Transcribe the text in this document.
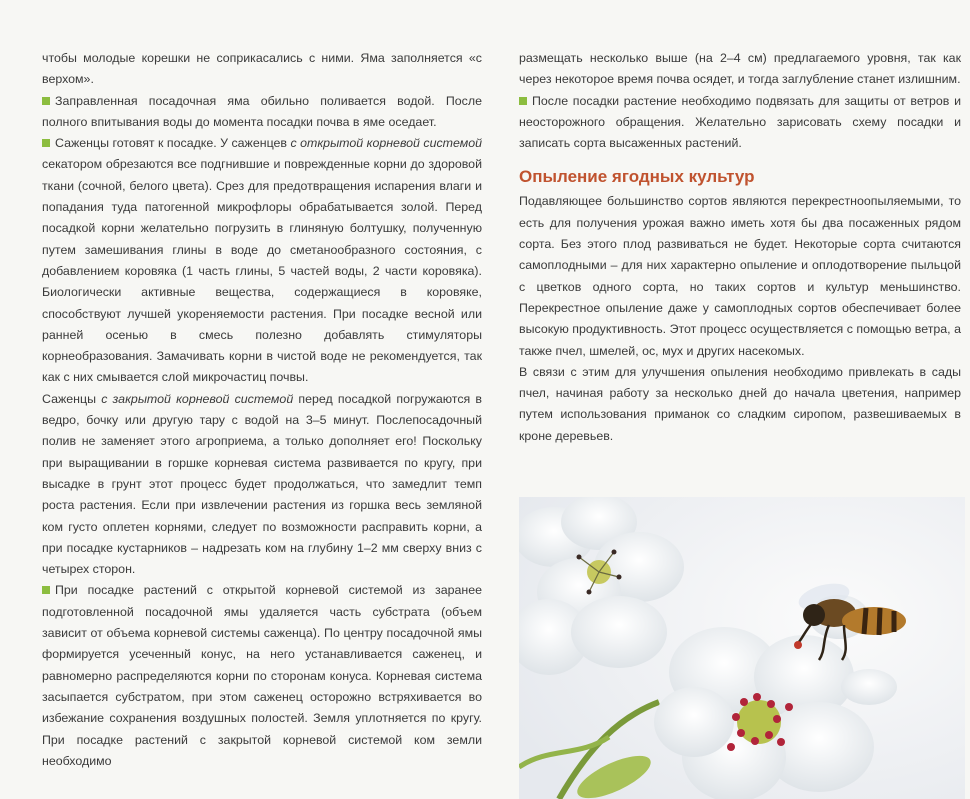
чтобы молодые корешки не соприкасались с ними. Яма заполняется «с верхом».

Заправленная посадочная яма обильно поливается водой. После полного впитывания воды до момента посадки почва в яме оседает.

Саженцы готовят к посадке. У саженцев с открытой корневой системой секатором обрезаются все подгнившие и поврежденные корни до здоровой ткани (сочной, белого цвета). Срез для предотвращения испарения влаги и попадания туда патогенной микрофлоры обрабатывается золой. Перед посадкой корни желательно погрузить в глиняную болтушку, полученную путем замешивания глины в воде до сметанообразного состояния, с добавлением коровяка (1 часть глины, 5 частей воды, 2 части коровяка). Биологически активные вещества, содержащиеся в коровяке, способствуют лучшей укореняемости растения. При посадке весной или ранней осенью в смесь полезно добавлять стимуляторы корнеобразования. Замачивать корни в чистой воде не рекомендуется, так как с них смывается слой микрочастиц почвы.

Саженцы с закрытой корневой системой перед посадкой погружаются в ведро, бочку или другую тару с водой на 3–5 минут. Послепосадочный полив не заменяет этого агроприема, а только дополняет его! Поскольку при выращивании в горшке корневая система развивается по кругу, при высадке в грунт этот процесс будет продолжаться, что замедлит темп роста растения. Если при извлечении растения из горшка весь земляной ком густо оплетен корнями, следует по возможности расправить корни, а при посадке кустарников – надрезать ком на глубину 1–2 мм сверху вниз с четырех сторон.

При посадке растений с открытой корневой системой из заранее подготовленной посадочной ямы удаляется часть субстрата (объем зависит от объема корневой системы саженца). По центру посадочной ямы формируется усеченный конус, на него устанавливается саженец, и равномерно распределяются корни по сторонам конуса. Корневая система засыпается субстратом, при этом саженец осторожно встряхивается во избежание сохранения воздушных полостей. Земля уплотняется по кругу. При посадке растений с закрытой корневой системой ком земли необходимо

размещать несколько выше (на 2–4 см) предлагаемого уровня, так как через некоторое время почва осядет, и тогда заглубление станет излишним.

После посадки растение необходимо подвязать для защиты от ветров и неосторожного обращения. Желательно зарисовать схему посадки и записать сорта высаженных растений.

Опыление ягодных культур

Подавляющее большинство сортов являются перекрестноопыляемыми, то есть для получения урожая важно иметь хотя бы два посаженных рядом сорта. Без этого плод развиваться не будет. Некоторые сорта считаются самоплодными – для них характерно опыление и оплодотворение пыльцой с цветков одного сорта, но таких сортов и культур меньшинство. Перекрестное опыление даже у самоплодных сортов обеспечивает более высокую продуктивность. Этот процесс осуществляется с помощью ветра, а также пчел, шмелей, ос, мух и других насекомых.

В связи с этим для улучшения опыления необходимо привлекать в сады пчел, начиная работу за несколько дней до начала цветения, например путем использования приманок со сладким сиропом, развешиваемых в кроне деревьев.
